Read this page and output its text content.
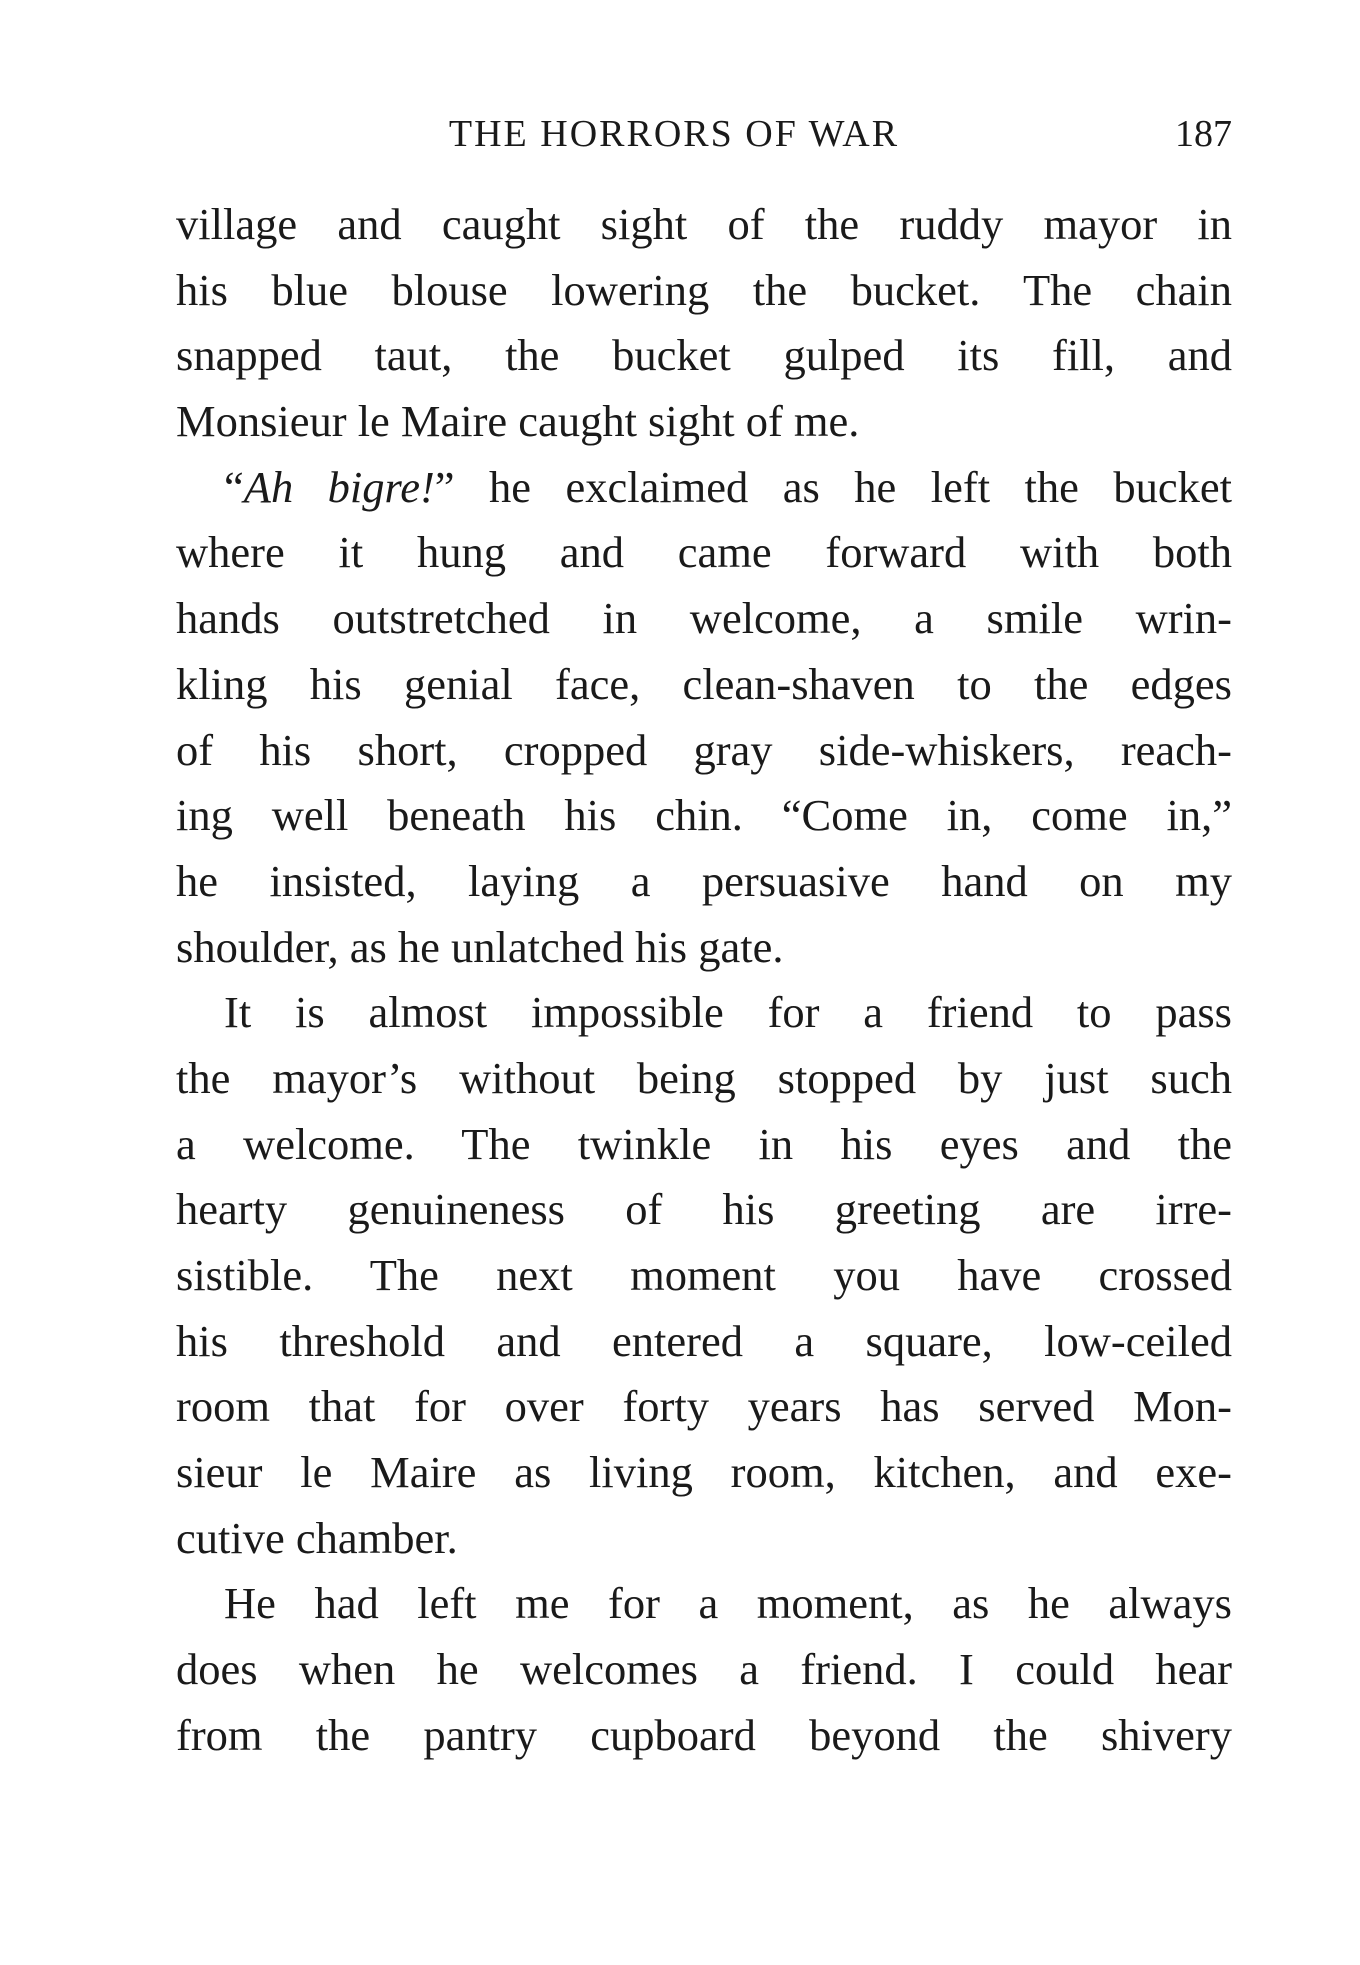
THE HORRORS OF WAR	187
village and caught sight of the ruddy mayor in
his blue blouse lowering the bucket. The chain
snapped taut, the bucket gulped its fill, and
Monsieur le Maire caught sight of me.
“Ah bigre!” he exclaimed as he left the bucket
where it hung and came forward with both
hands outstretched in welcome, a smile wrin-
kling his genial face, clean-shaven to the edges
of his short, cropped gray side-whiskers, reach-
ing well beneath his chin. “Come in, come in,”
he insisted, laying a persuasive hand on my
shoulder, as he unlatched his gate.
It is almost impossible for a friend to pass
the mayor’s without being stopped by just such
a welcome. The twinkle in his eyes and the
hearty genuineness of his greeting are irre-
sistible. The next moment you have crossed
his threshold and entered a square, low-ceiled
room that for over forty years has served Mon-
sieur le Maire as living room, kitchen, and exe-
cutive chamber.
He had left me for a moment, as he always
does when he welcomes a friend. I could hear
from the pantry cupboard beyond the shivery
